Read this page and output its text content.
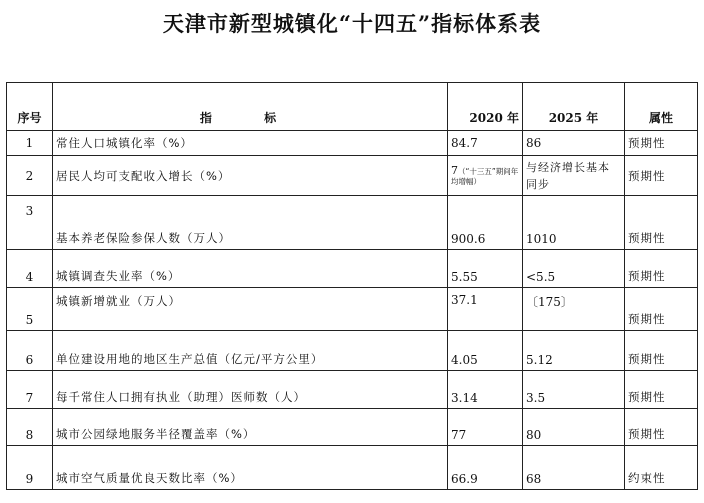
天津市新型城镇化“十四五”指标体系表
序号	指 标	2020 年	2025 年	属性
1	常住人口城镇化率（%）	84.7	86	预期性
2	居民人均可支配收入增长（%）	7（“十三五”期间年均增幅）	与经济增长基本同步	预期性
3	基本养老保险参保人数（万人）	900.6	1010	预期性
4	城镇调查失业率（%）	5.55	<5.5	预期性
5	城镇新增就业（万人）	37.1	〔175〕	预期性
6	单位建设用地的地区生产总值（亿元/平方公里）	4.05	5.12	预期性
7	每千常住人口拥有执业（助理）医师数（人）	3.14	3.5	预期性
8	城市公园绿地服务半径覆盖率（%）	77	80	预期性
9	城市空气质量优良天数比率（%）	66.9	68	约束性
